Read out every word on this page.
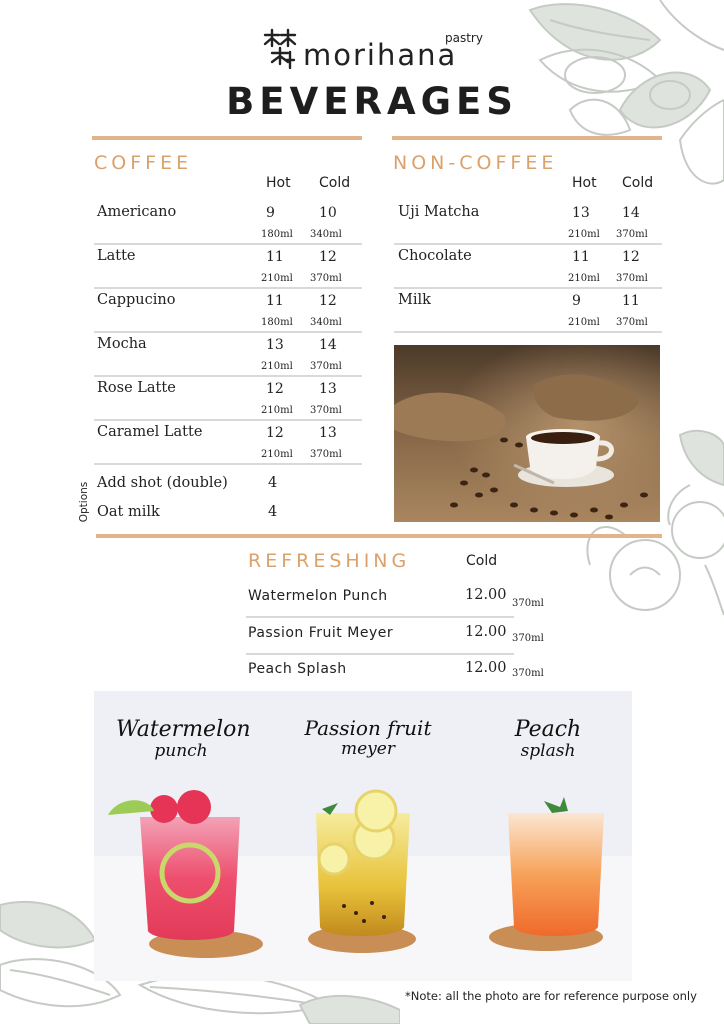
morihana
pastry
BEVERAGES
COFFEE
Hot Cold
Americano	9	10
180ml 340ml
Latte	11	12
210ml 370ml
Cappucino	11	12
180ml 340ml
Mocha	13	14
210ml 370ml
Rose Latte	12	13
210ml 370ml
Caramel Latte	12	13
210ml 370ml
Options Add shot (double)	4
Oat milk	4
NON-COFFEE
Hot Cold
Uji Matcha	13 14
210ml 370ml
Chocolate	11 12
210ml 370ml
Milk	9	11
210ml 370ml
REFRESHING	Cold
Watermelon Punch	12.00
370ml
Passion Fruit Meyer	12.00 370ml
Peach Splash	12.00 370ml
Watermelon
punch
Passion fruit
meyer
Peach
splash
*Note: all the photo are for reference purpose only
